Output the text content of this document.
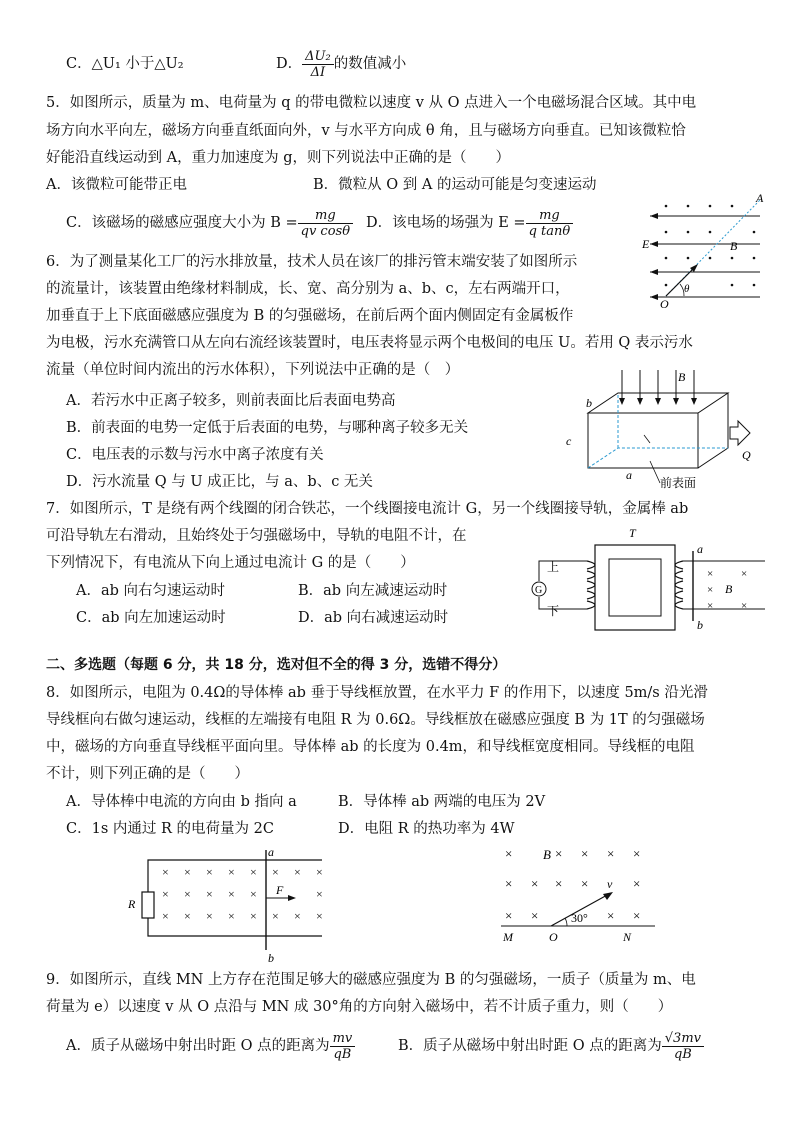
C．△U₁ 小于△U₂	D． $\frac{\text{ΔU₂}}{\Delta I}$ 的数值减小
5．如图所示，质量为 m、电荷量为 q 的带电微粒以速度 v 从 O 点进入一个电磁场混合区域。其中电
场方向水平向左，磁场方向垂直纸面向外，v 与水平方向成 θ 角，且与磁场方向垂直。已知该微粒恰
好能沿直线运动到 A，重力加速度为 g，则下列说法中正确的是（　　）
A．该微粒可能带正电	B．微粒从 O 到 A 的运动可能是匀变速运动
C．该磁场的磁感应强度大小为 $B = \frac{mg}{\text{qv cosθ}}$ D．该电场的场强为 $E = \frac{mg}{\text{q tanθ}}$
A
E	B
O
θ
6．为了测量某化工厂的污水排放量，技术人员在该厂的排污管末端安装了如图所示
的流量计，该装置由绝缘材料制成，长、宽、高分别为 a、b、c，左右两端开口，
加垂直于上下底面磁感应强度为 B 的匀强磁场，在前后两个面内侧固定有金属板作
为电极，污水充满管口从左向右流经该装置时，电压表将显示两个电极间的电压 U。若用 Q 表示污水
流量（单位时间内流出的污水体积），下列说法中正确的是（　）
A．若污水中正离子较多，则前表面比后表面电势高
B．前表面的电势一定低于后表面的电势，与哪种离子较多无关
C．电压表的示数与污水中离子浓度有关
D．污水流量 Q 与 U 成正比，与 a、b、c 无关
B
b
c
a
Q
前表面
7．如图所示，T 是绕有两个线圈的闭合铁芯，一个线圈接电流计 G，另一个线圈接导轨，金属棒 ab
可沿导轨左右滑动，且始终处于匀强磁场中，导轨的电阻不计，在
下列情况下，有电流从下向上通过电流计 G 的是（　　）
A．ab 向右匀速运动时	B．ab 向左减速运动时
C．ab 向左加速运动时	D．ab 向右减速运动时
G
×	×
×
×	×
T
上
下
a
b
B
二、多选题（每题 6 分，共 18 分，选对但不全的得 3 分，选错不得分）
8．如图所示，电阻为 0.4Ω的导体棒 ab 垂于导线框放置，在水平力 F 的作用下，以速度 5m/s 沿光滑
导线框向右做匀速运动，线框的左端接有电阻 R 为 0.6Ω。导线框放在磁感应强度 B 为 1T 的匀强磁场
中，磁场的方向垂直导线框平面向里。导体棒 ab 的长度为 0.4m，和导线框宽度相同。导线框的电阻
不计，则下列正确的是（　　）
A．导体棒中电流的方向由 b 指向 a	B．导体棒 ab 两端的电压为 2V
C．1s 内通过 R 的电荷量为 2C	D．电阻 R 的热功率为 4W
× × × × × × × ×
× × × × ×	×
× × × × × × × ×
R
a
b
F
×	× × × ×
× × × ×	×
× ×	× ×
B
v
30°
M	O	N
9．如图所示，直线 MN 上方存在范围足够大的磁感应强度为 B 的匀强磁场，一质子（质量为 m、电
荷量为 e）以速度 v 从 O 点沿与 MN 成 30°角的方向射入磁场中，若不计质子重力，则（　　）
A．质子从磁场中射出时距 O 点的距离为 $\frac{mv}{qB}$	B．质子从磁场中射出时距 O 点的距离为 $\frac{√3mv}{qB}$
